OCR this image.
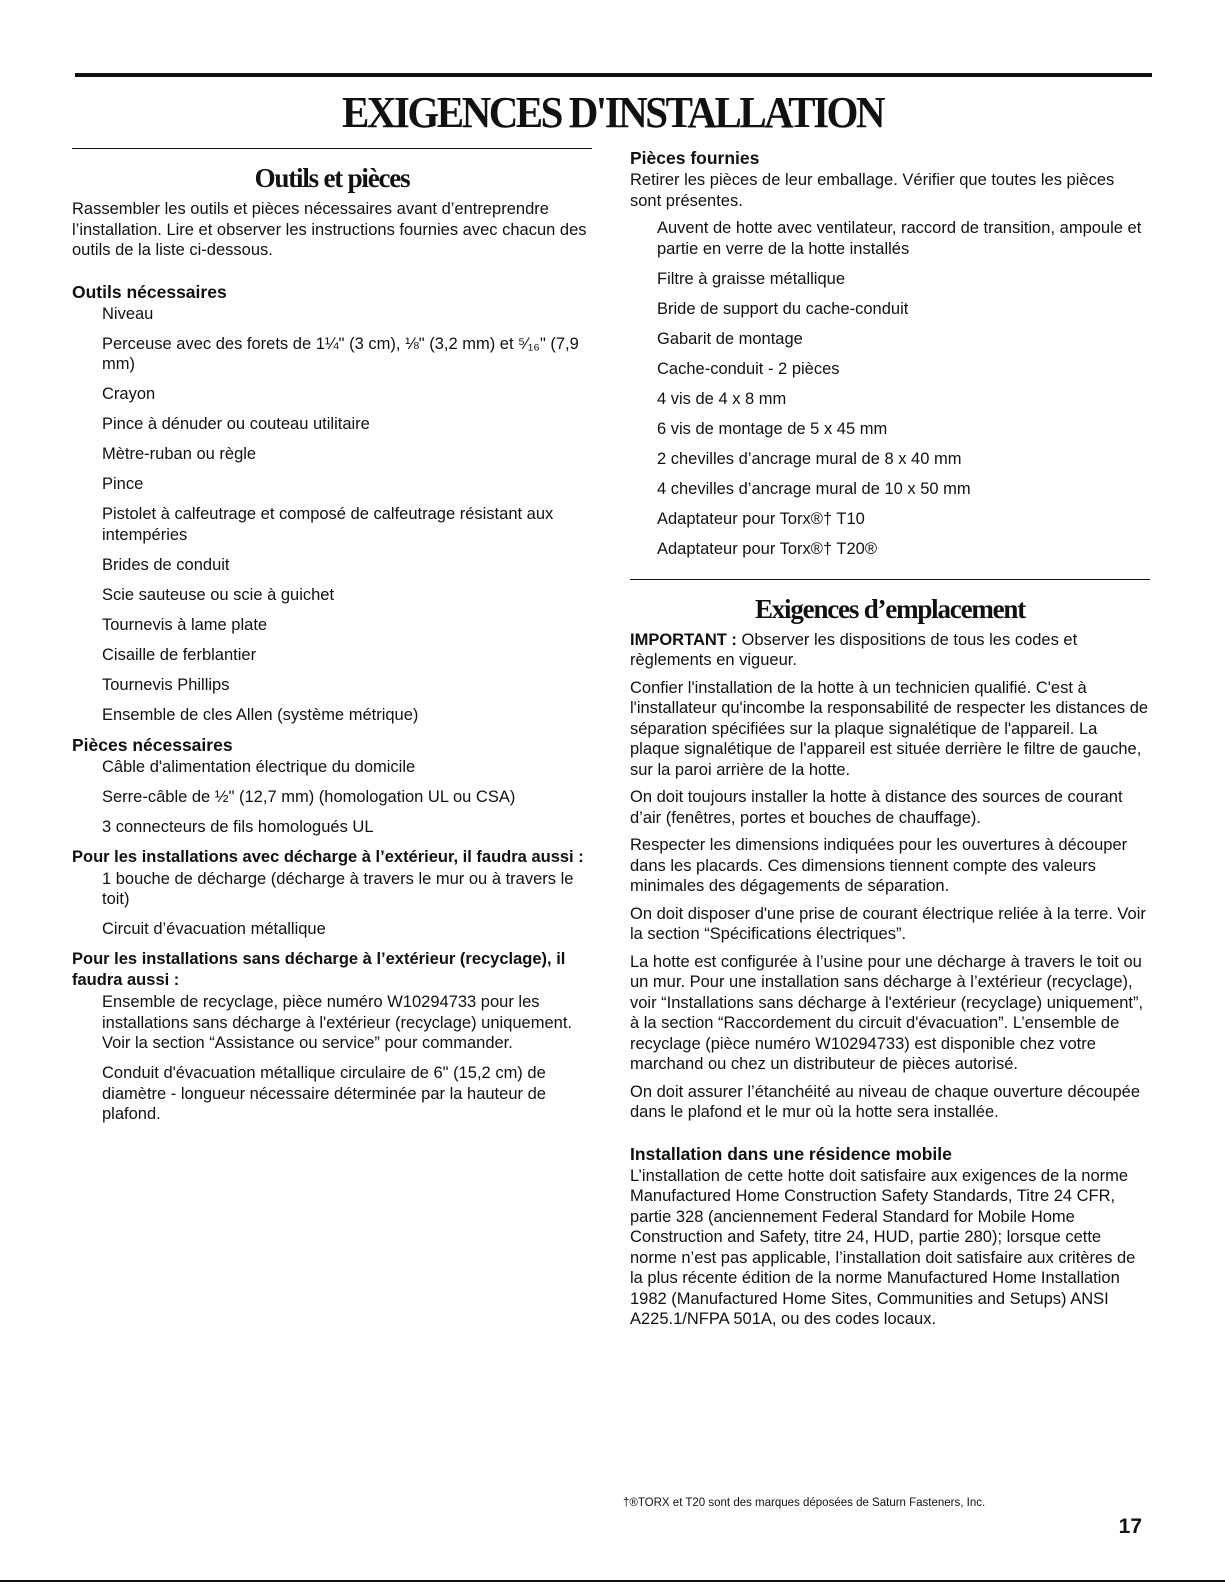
EXIGENCES D'INSTALLATION
Outils et pièces

Rassembler les outils et pièces nécessaires avant d’entreprendre l’installation. Lire et observer les instructions fournies avec chacun des outils de la liste ci-dessous.

Outils nécessaires
Niveau
Perceuse avec des forets de 1¼" (3 cm), ⅛" (3,2 mm) et ⁵⁄₁₆" (7,9 mm)
Crayon
Pince à dénuder ou couteau utilitaire
Mètre-ruban ou règle
Pince
Pistolet à calfeutrage et composé de calfeutrage résistant aux intempéries
Brides de conduit
Scie sauteuse ou scie à guichet
Tournevis à lame plate
Cisaille de ferblantier
Tournevis Phillips
Ensemble de cles Allen (système métrique)
Pièces nécessaires
Câble d'alimentation électrique du domicile
Serre-câble de ½" (12,7 mm) (homologation UL ou CSA)
3 connecteurs de fils homologués UL
Pour les installations avec décharge à l’extérieur, il faudra aussi :
1 bouche de décharge (décharge à travers le mur ou à travers le toit)
Circuit d’évacuation métallique
Pour les installations sans décharge à l’extérieur (recyclage), il faudra aussi :
Ensemble de recyclage, pièce numéro W10294733 pour les installations sans décharge à l'extérieur (recyclage) uniquement. Voir la section “Assistance ou service” pour commander.
Conduit d'évacuation métallique circulaire de 6" (15,2 cm) de diamètre - longueur nécessaire déterminée par la hauteur de plafond.
Pièces fournies

Retirer les pièces de leur emballage. Vérifier que toutes les pièces sont présentes.

Auvent de hotte avec ventilateur, raccord de transition, ampoule et partie en verre de la hotte installés
Filtre à graisse métallique
Bride de support du cache-conduit
Gabarit de montage
Cache-conduit - 2 pièces
4 vis de 4 x 8 mm
6 vis de montage de 5 x 45 mm
2 chevilles d’ancrage mural de 8 x 40 mm
4 chevilles d’ancrage mural de 10 x 50 mm
Adaptateur pour Torx®† T10
Adaptateur pour Torx®† T20®
Exigences d’emplacement

IMPORTANT : Observer les dispositions de tous les codes et règlements en vigueur.

Confier l'installation de la hotte à un technicien qualifié. C'est à l'installateur qu'incombe la responsabilité de respecter les distances de séparation spécifiées sur la plaque signalétique de l'appareil. La plaque signalétique de l'appareil est située derrière le filtre de gauche, sur la paroi arrière de la hotte.

On doit toujours installer la hotte à distance des sources de courant d’air (fenêtres, portes et bouches de chauffage).

Respecter les dimensions indiquées pour les ouvertures à découper dans les placards. Ces dimensions tiennent compte des valeurs minimales des dégagements de séparation.

On doit disposer d'une prise de courant électrique reliée à la terre. Voir la section “Spécifications électriques”.

La hotte est configurée à l’usine pour une décharge à travers le toit ou un mur. Pour une installation sans décharge à l’extérieur (recyclage), voir “Installations sans décharge à l'extérieur (recyclage) uniquement”, à la section “Raccordement du circuit d'évacuation”. L’ensemble de recyclage (pièce numéro W10294733) est disponible chez votre marchand ou chez un distributeur de pièces autorisé.

On doit assurer l’étanchéité au niveau de chaque ouverture découpée dans le plafond et le mur où la hotte sera installée.

Installation dans une résidence mobile

L’installation de cette hotte doit satisfaire aux exigences de la norme Manufactured Home Construction Safety Standards, Titre 24 CFR, partie 328 (anciennement Federal Standard for Mobile Home Construction and Safety, titre 24, HUD, partie 280); lorsque cette norme n’est pas applicable, l’installation doit satisfaire aux critères de la plus récente édition de la norme Manufactured Home Installation 1982 (Manufactured Home Sites, Communities and Setups) ANSI A225.1/NFPA 501A, ou des codes locaux.

†®TORX et T20 sont des marques déposées de Saturn Fasteners, Inc.
17
